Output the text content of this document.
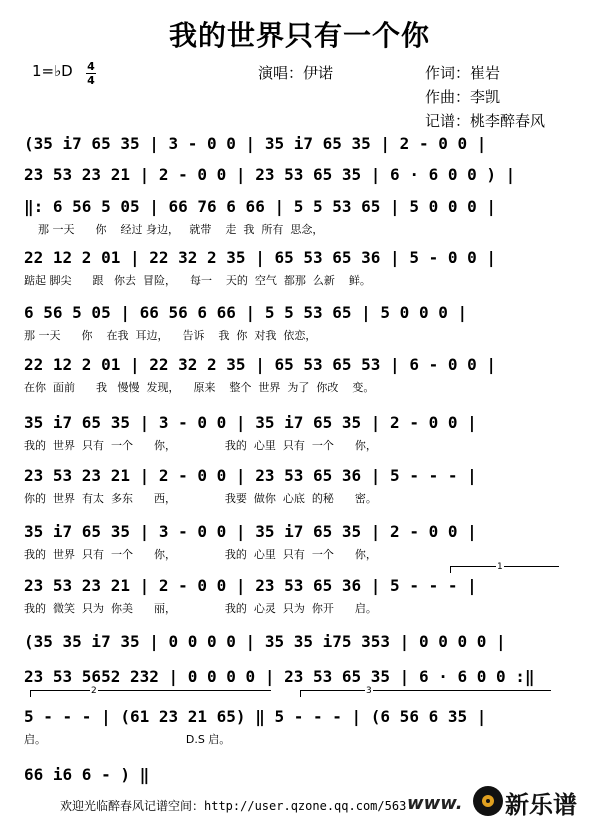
我的世界只有一个你
1=♭D 4
4	演唱：伊诺	作词：崔岩
作曲：李凯
记谱：桃李醉春风
(35 i7 65 35 | 3 - 0 0 | 35 i7 65 35 | 2 - 0 0 |
23 53 23 21 | 2 - 0 0 | 23 53 65 35 | 6 · 6 0 0 ) |
‖: 6 56 5 05 | 66 76 6 66 | 5 5 53 65 | 5 0 0 0 |
那 一天      你    经过 身边，   就带    走  我  所有  思念，
22 12 2 01 | 22 32 2 35 | 65 53 65 36 | 5 - 0 0 |
踮起 脚尖      跟   你去  冒险，    每一    天的  空气  都那  么新    鲜。
6 56 5 05 | 66 56 6 66 | 5 5 53 65 | 5 0 0 0 |
那 一天      你    在我  耳边，    告诉    我  你  对我  依恋，
22 12 2 01 | 22 32 2 35 | 65 53 65 53 | 6 - 0 0 |
在你  面前      我   慢慢  发现，    原来    整个  世界  为了  你改    变。
35 i7 65 35 | 3 - 0 0 | 35 i7 65 35 | 2 - 0 0 |
我的  世界  只有  一个      你，              我的  心里  只有  一个      你，
23 53 23 21 | 2 - 0 0 | 23 53 65 36 | 5 - - - |
你的  世界  有太  多东      西，              我要  做你  心底  的秘      密。
35 i7 65 35 | 3 - 0 0 | 35 i7 65 35 | 2 - 0 0 |
我的  世界  只有  一个      你，              我的  心里  只有  一个      你，
23 53 23 21 | 2 - 0 0 | 23 53 65 36 | 5 - - - |
我的  微笑  只为  你美      丽，              我的  心灵  只为  你开      启。
(35 35 i7 35 | 0 0 0 0 | 35 35 i75 353 | 0 0 0 0 |
23 53 5652 232 | 0 0 0 0 | 23 53 65 35 | 6 · 6 0 0 :‖
5 - - - | (61 23 21 65) ‖ 5 - - - | (6 56 6 35 |
启。                                        D.S 启。
66 i6 6 - ) ‖
2	3
1
欢迎光临醉春风记谱空间：http://user.qzone.qq.com/563 www. 新乐谱
